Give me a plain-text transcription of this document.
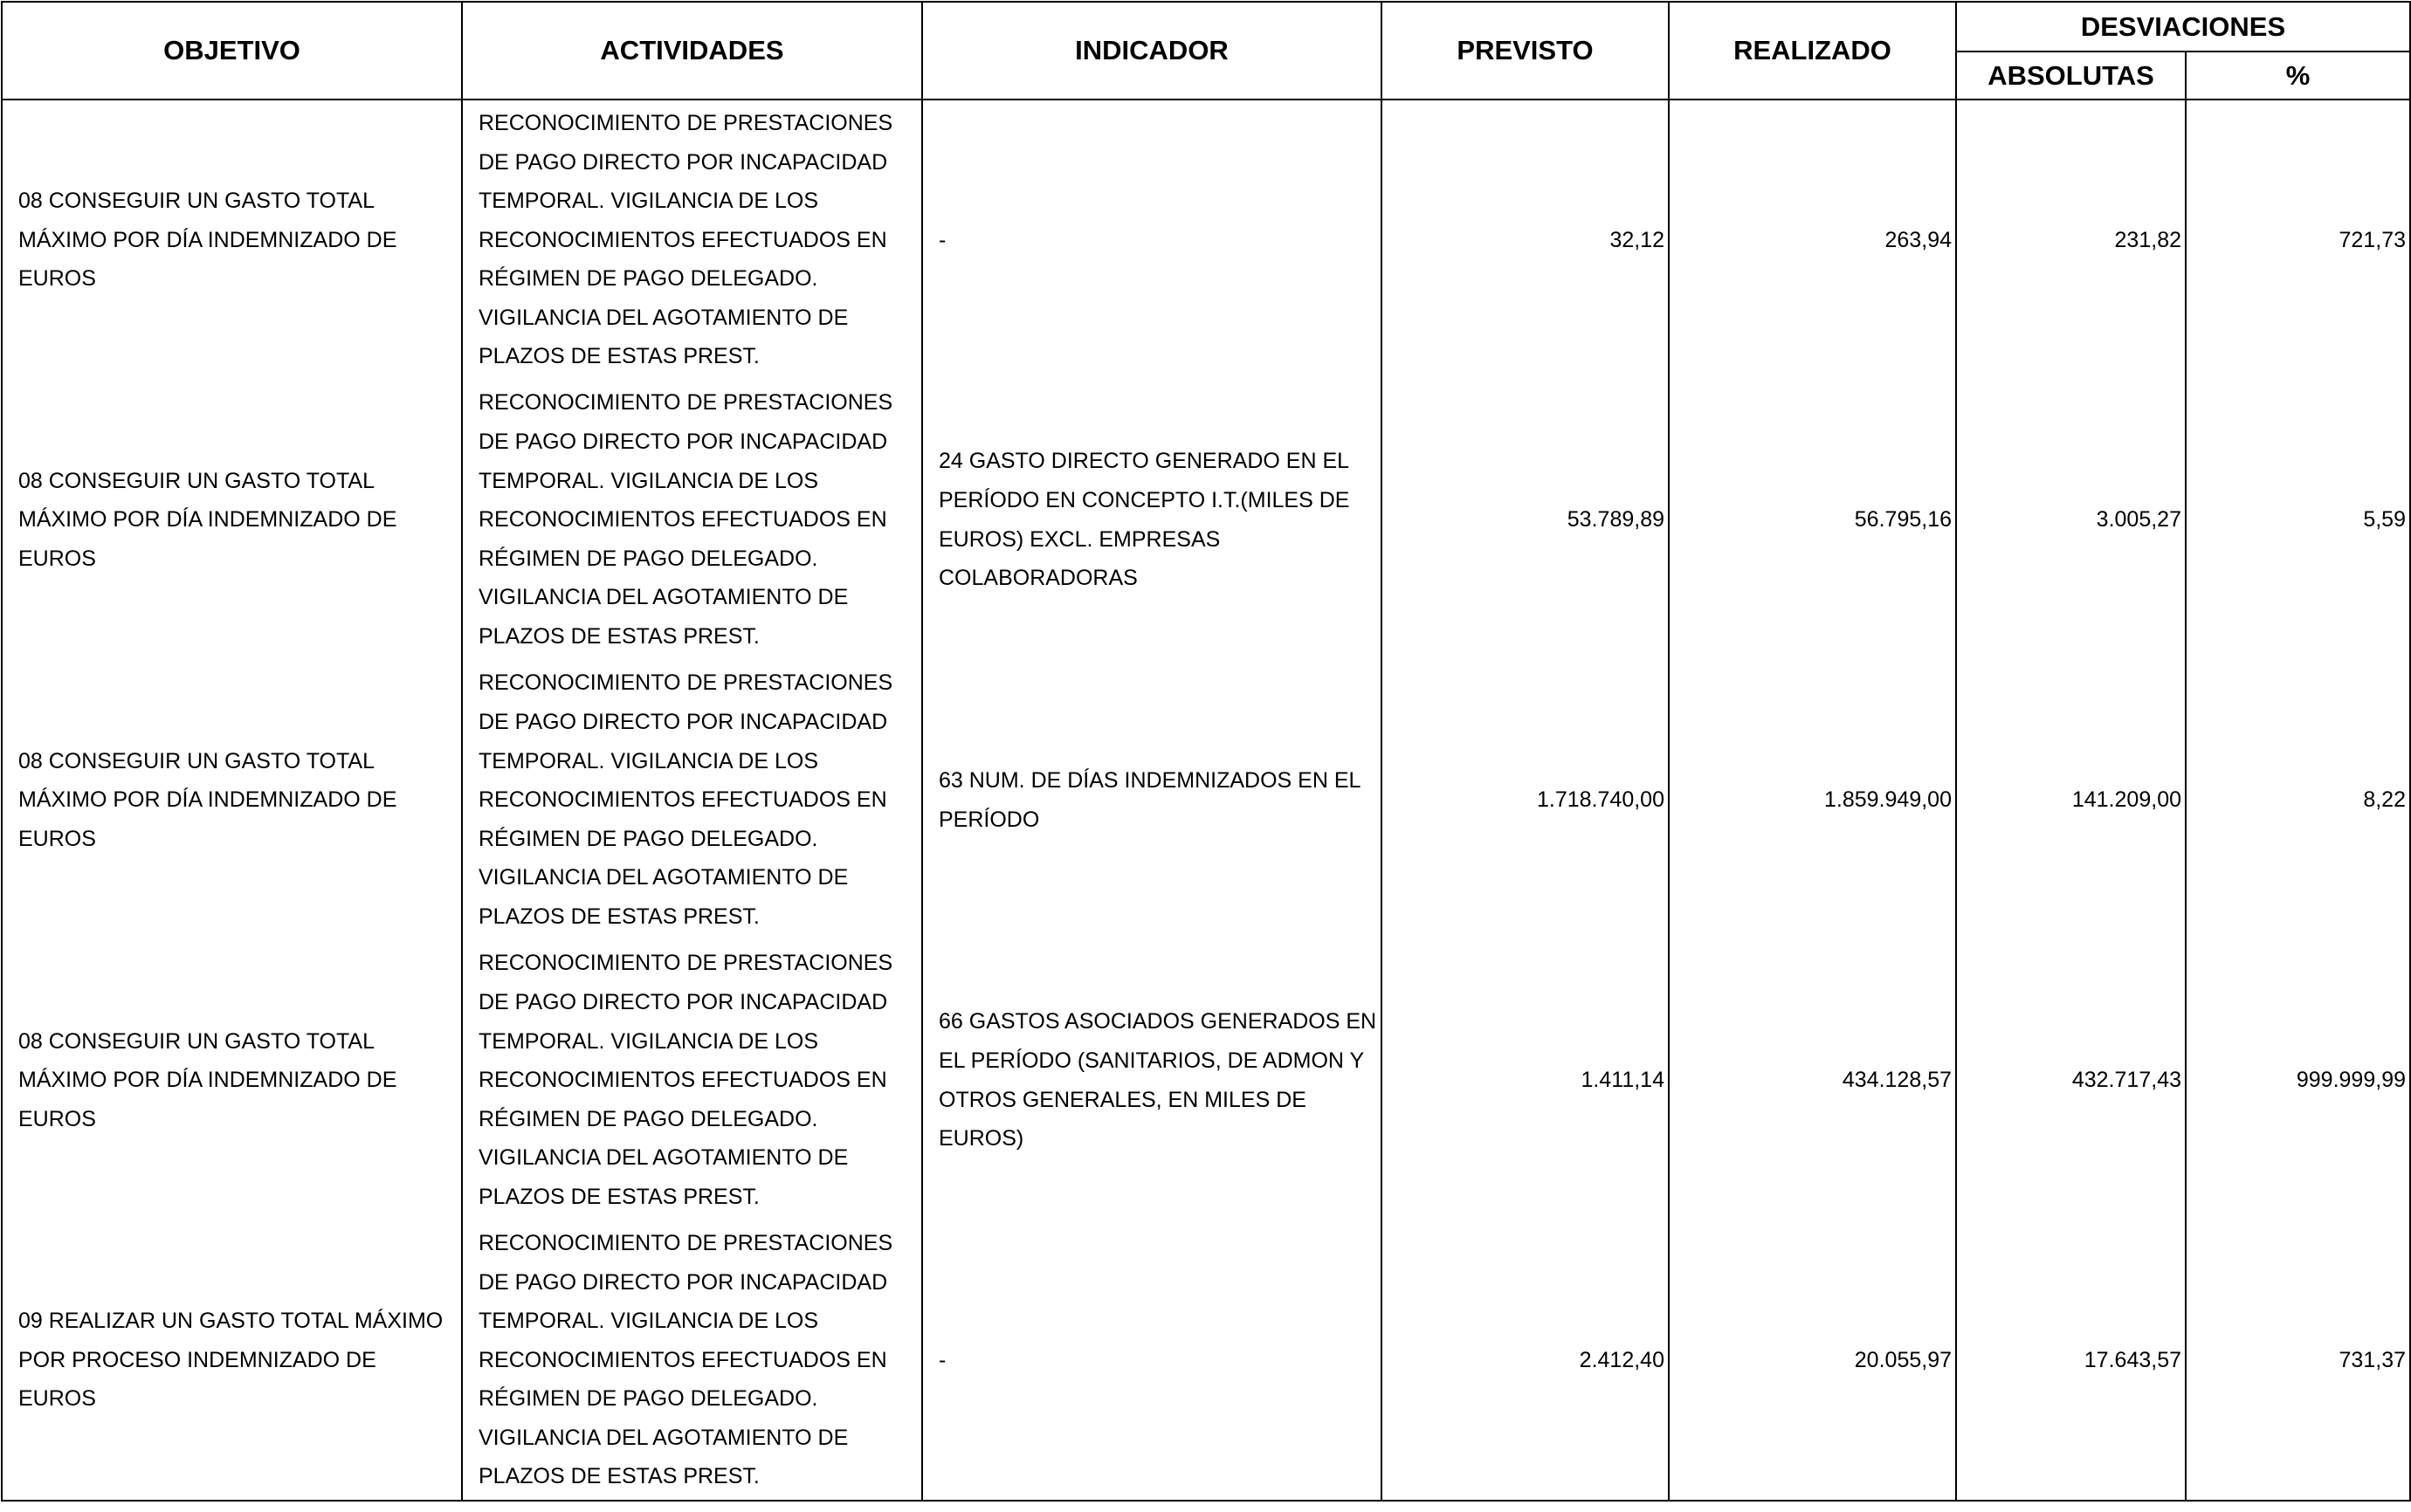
OBJETIVO	ACTIVIDADES	INDICADOR	PREVISTO	REALIZADO	DESVIACIONES	
					ABSOLUTAS	%
08 CONSEGUIR UN GASTO TOTAL MÁXIMO POR DÍA INDEMNIZADO DE EUROS	RECONOCIMIENTO DE PRESTACIONES DE PAGO DIRECTO POR INCAPACIDAD TEMPORAL. VIGILANCIA DE LOS RECONOCIMIENTOS EFECTUADOS EN RÉGIMEN DE PAGO DELEGADO. VIGILANCIA DEL AGOTAMIENTO DE PLAZOS DE ESTAS PREST.	-	32,12	263,94	231,82	721,73
08 CONSEGUIR UN GASTO TOTAL MÁXIMO POR DÍA INDEMNIZADO DE EUROS	RECONOCIMIENTO DE PRESTACIONES DE PAGO DIRECTO POR INCAPACIDAD TEMPORAL. VIGILANCIA DE LOS RECONOCIMIENTOS EFECTUADOS EN RÉGIMEN DE PAGO DELEGADO. VIGILANCIA DEL AGOTAMIENTO DE PLAZOS DE ESTAS PREST.	24 GASTO DIRECTO GENERADO EN EL PERÍODO EN CONCEPTO I.T.(MILES DE EUROS) EXCL. EMPRESAS COLABORADORAS	53.789,89	56.795,16	3.005,27	5,59
08 CONSEGUIR UN GASTO TOTAL MÁXIMO POR DÍA INDEMNIZADO DE EUROS	RECONOCIMIENTO DE PRESTACIONES DE PAGO DIRECTO POR INCAPACIDAD TEMPORAL. VIGILANCIA DE LOS RECONOCIMIENTOS EFECTUADOS EN RÉGIMEN DE PAGO DELEGADO. VIGILANCIA DEL AGOTAMIENTO DE PLAZOS DE ESTAS PREST.	63 NUM. DE DÍAS INDEMNIZADOS EN EL PERÍODO	1.718.740,00	1.859.949,00	141.209,00	8,22
08 CONSEGUIR UN GASTO TOTAL MÁXIMO POR DÍA INDEMNIZADO DE EUROS	RECONOCIMIENTO DE PRESTACIONES DE PAGO DIRECTO POR INCAPACIDAD TEMPORAL. VIGILANCIA DE LOS RECONOCIMIENTOS EFECTUADOS EN RÉGIMEN DE PAGO DELEGADO. VIGILANCIA DEL AGOTAMIENTO DE PLAZOS DE ESTAS PREST.	66 GASTOS ASOCIADOS GENERADOS EN EL PERÍODO (SANITARIOS, DE ADMON Y OTROS GENERALES, EN MILES DE EUROS)	1.411,14	434.128,57	432.717,43	999.999,99
09 REALIZAR UN GASTO TOTAL MÁXIMO POR PROCESO INDEMNIZADO DE EUROS	RECONOCIMIENTO DE PRESTACIONES DE PAGO DIRECTO POR INCAPACIDAD TEMPORAL. VIGILANCIA DE LOS RECONOCIMIENTOS EFECTUADOS EN RÉGIMEN DE PAGO DELEGADO. VIGILANCIA DEL AGOTAMIENTO DE PLAZOS DE ESTAS PREST.	-	2.412,40	20.055,97	17.643,57	731,37
